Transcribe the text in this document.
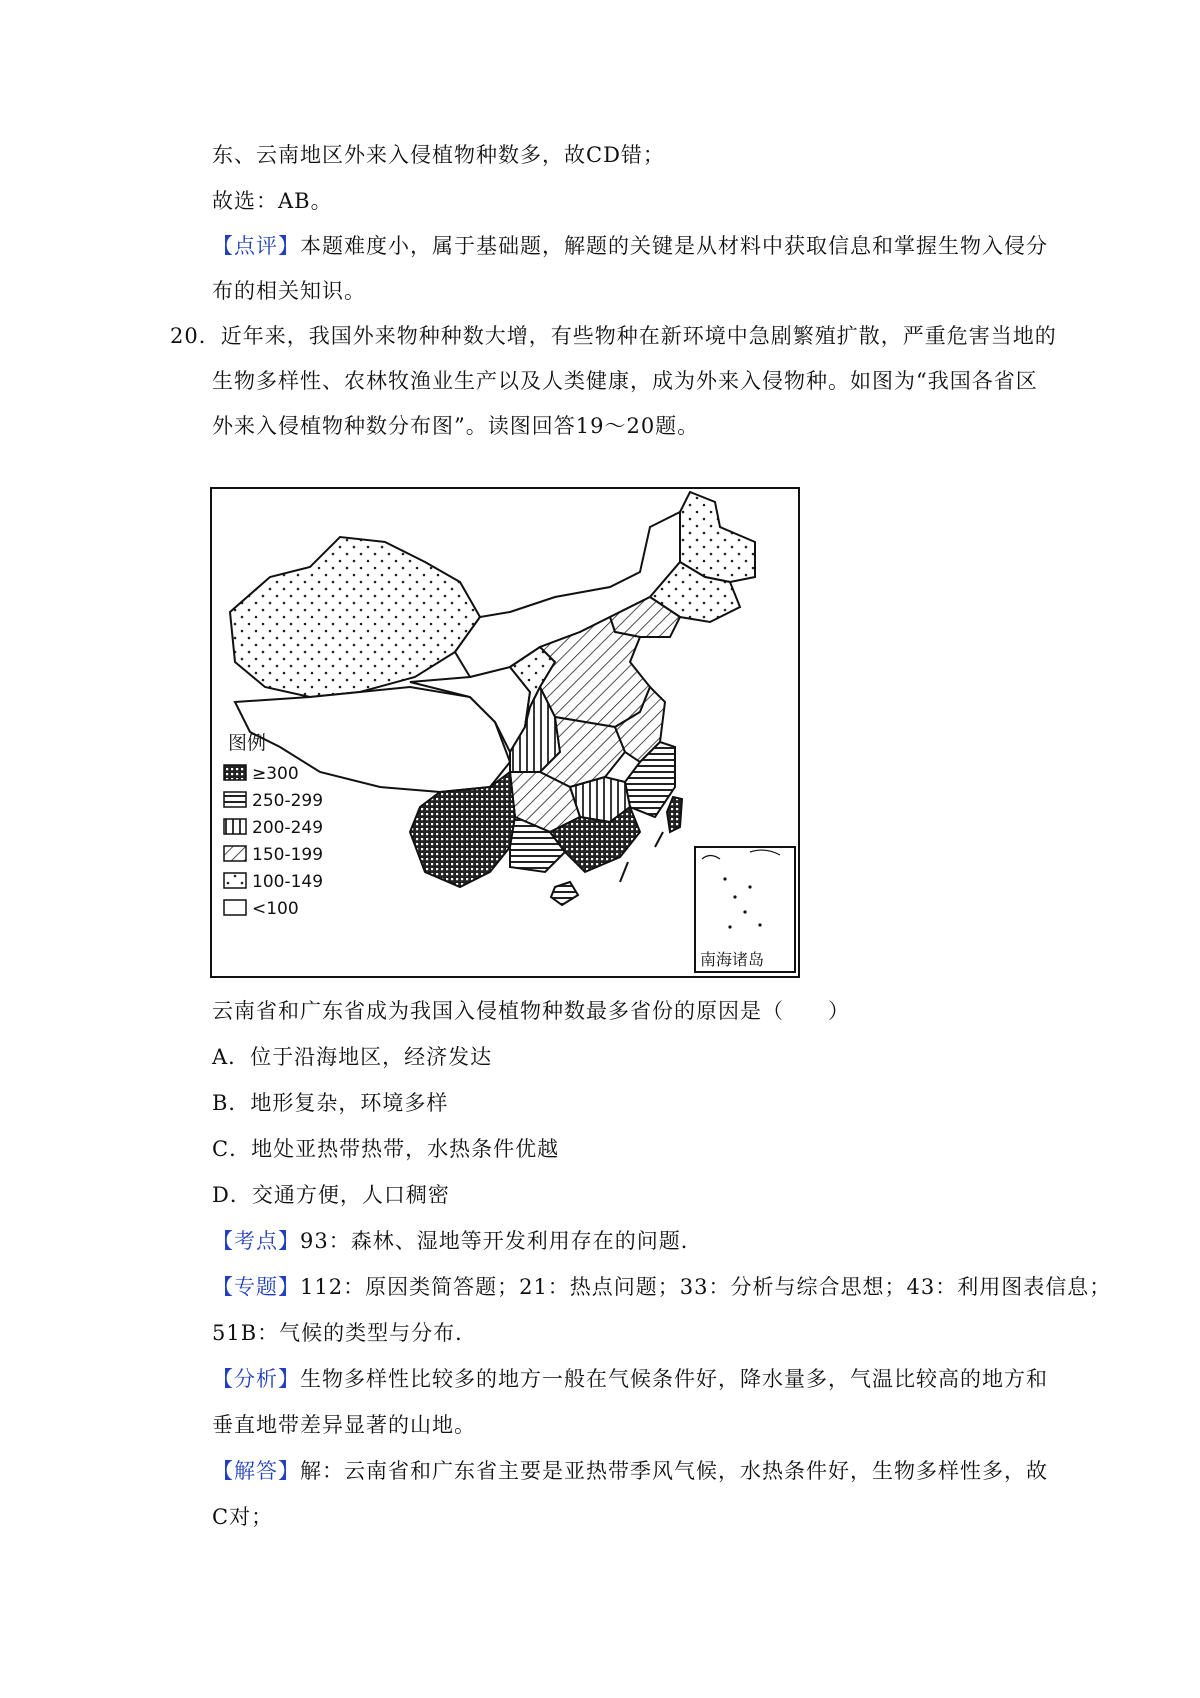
东、云南地区外来入侵植物种数多，故CD错；
故选：AB。
【点评】本题难度小，属于基础题，解题的关键是从材料中获取信息和掌握生物入侵分
布的相关知识。
20．近年来，我国外来物种种数大增，有些物种在新环境中急剧繁殖扩散，严重危害当地的
生物多样性、农林牧渔业生产以及人类健康，成为外来入侵物种。如图为“我国各省区
外来入侵植物种数分布图”。读图回答19～20题。
图例
≥300
250-299
200-249
150-199
100-149
<100
南海诸岛
云南省和广东省成为我国入侵植物种数最多省份的原因是（　　）
A．位于沿海地区，经济发达
B．地形复杂，环境多样
C．地处亚热带热带，水热条件优越
D．交通方便，人口稠密
【考点】93：森林、湿地等开发利用存在的问题．
【专题】112：原因类简答题；21：热点问题；33：分析与综合思想；43：利用图表信息；
51B：气候的类型与分布．
【分析】生物多样性比较多的地方一般在气候条件好，降水量多，气温比较高的地方和
垂直地带差异显著的山地。
【解答】解：云南省和广东省主要是亚热带季风气候，水热条件好，生物多样性多，故
C对；
